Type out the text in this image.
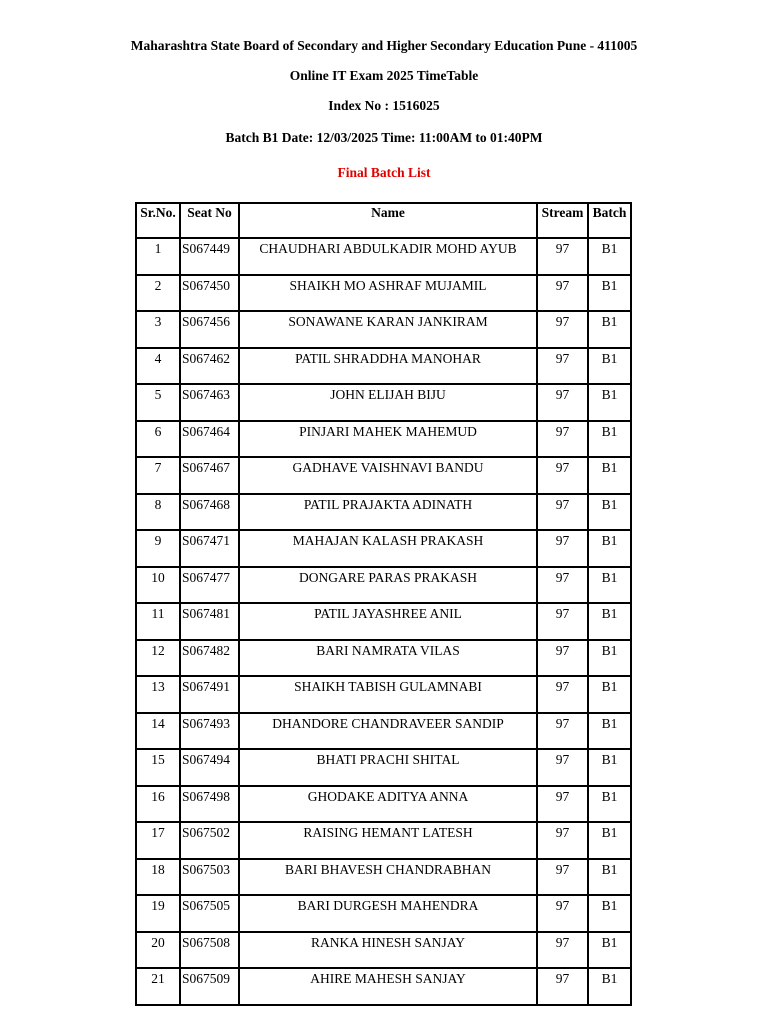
Maharashtra State Board of Secondary and Higher Secondary Education Pune - 411005
Online IT Exam 2025 TimeTable
Index No : 1516025
Batch B1 Date: 12/03/2025 Time: 11:00AM to 01:40PM
Final Batch List
Sr.No.	Seat No	Name	Stream	Batch
1	S067449	CHAUDHARI ABDULKADIR MOHD AYUB	97	B1
2	S067450	SHAIKH MO ASHRAF MUJAMIL	97	B1
3	S067456	SONAWANE KARAN JANKIRAM	97	B1
4	S067462	PATIL SHRADDHA MANOHAR	97	B1
5	S067463	JOHN ELIJAH BIJU	97	B1
6	S067464	PINJARI MAHEK MAHEMUD	97	B1
7	S067467	GADHAVE VAISHNAVI BANDU	97	B1
8	S067468	PATIL PRAJAKTA ADINATH	97	B1
9	S067471	MAHAJAN KALASH PRAKASH	97	B1
10	S067477	DONGARE PARAS PRAKASH	97	B1
11	S067481	PATIL JAYASHREE ANIL	97	B1
12	S067482	BARI NAMRATA VILAS	97	B1
13	S067491	SHAIKH TABISH GULAMNABI	97	B1
14	S067493	DHANDORE CHANDRAVEER SANDIP	97	B1
15	S067494	BHATI PRACHI SHITAL	97	B1
16	S067498	GHODAKE ADITYA ANNA	97	B1
17	S067502	RAISING HEMANT LATESH	97	B1
18	S067503	BARI BHAVESH CHANDRABHAN	97	B1
19	S067505	BARI DURGESH MAHENDRA	97	B1
20	S067508	RANKA HINESH SANJAY	97	B1
21	S067509	AHIRE MAHESH SANJAY	97	B1
